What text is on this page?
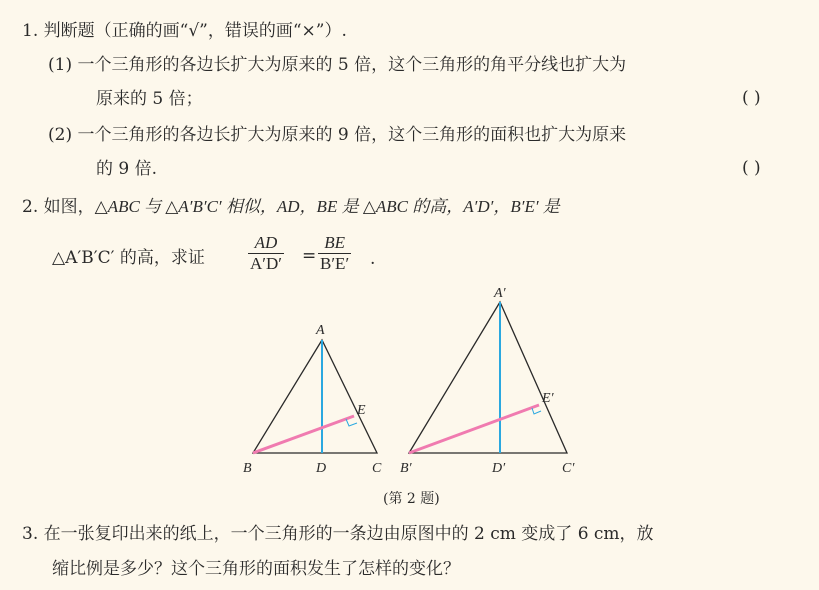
1. 判断题（正确的画“√”，错误的画“×”）.
(1) 一个三角形的各边长扩大为原来的 5 倍，这个三角形的角平分线也扩大为
原来的 5 倍；	( )
(2) 一个三角形的各边长扩大为原来的 9 倍，这个三角形的面积也扩大为原来
的 9 倍.	( )
2. 如图，△ABC 与 △A′B′C′ 相似，AD，BE 是 △ABC 的高，A′D′，B′E′ 是
△A′B′C′ 的高，求证	$\frac{AD}{A'D'} = \frac{BE}{B'E'}$ .
A
B	C
D
E
A′
B′	C′
D′
E′
(第 2 题)
3. 在一张复印出来的纸上，一个三角形的一条边由原图中的 2 cm 变成了 6 cm，放
缩比例是多少？这个三角形的面积发生了怎样的变化？
